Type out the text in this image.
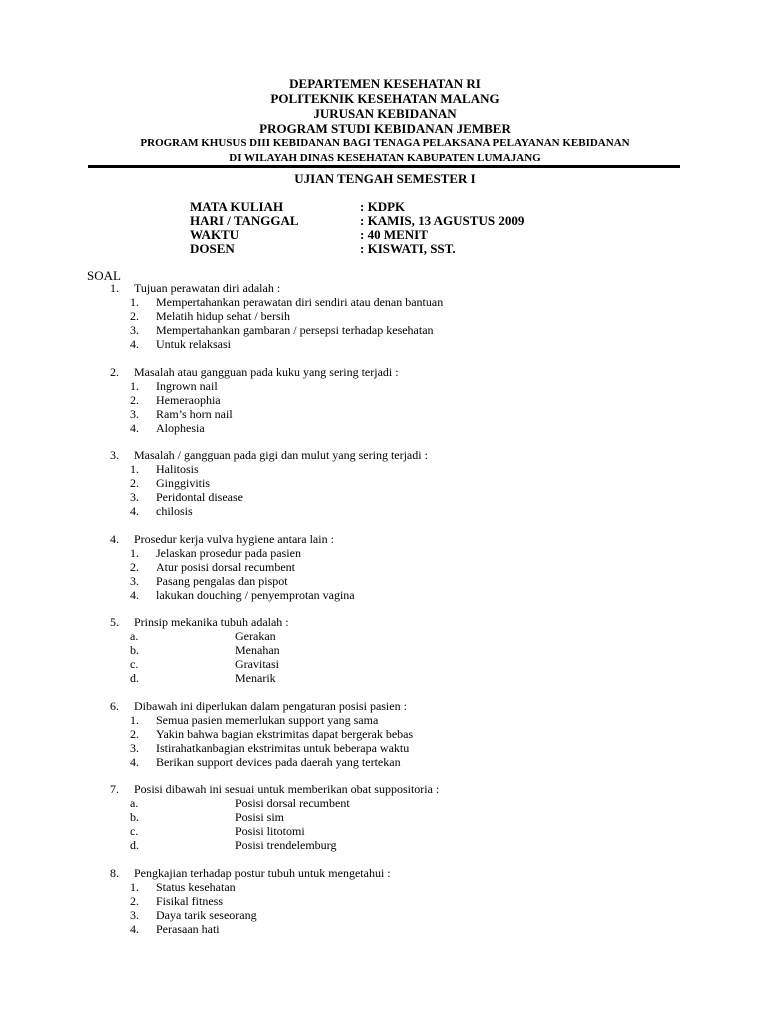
DEPARTEMEN KESEHATAN RI
POLITEKNIK KESEHATAN MALANG
JURUSAN KEBIDANAN
PROGRAM STUDI KEBIDANAN JEMBER
PROGRAM KHUSUS DIII KEBIDANAN BAGI TENAGA PELAKSANA PELAYANAN KEBIDANAN
DI WILAYAH DINAS KESEHATAN KABUPATEN LUMAJANG
UJIAN TENGAH SEMESTER I
MATA KULIAH	: KDPK
HARI / TANGGAL	: KAMIS, 13 AGUSTUS 2009
WAKTU	: 40 MENIT
DOSEN	: KISWATI, SST.
SOAL
1.	Tujuan perawatan diri adalah :
1.	Mempertahankan perawatan diri sendiri atau denan bantuan
2.	Melatih hidup sehat / bersih
3.	Mempertahankan gambaran / persepsi terhadap kesehatan
4.	Untuk relaksasi
2.	Masalah atau gangguan pada kuku yang sering terjadi :
1.	Ingrown nail
2.	Hemeraophia
3.	Ram’s horn nail
4.	Alophesia
3.	Masalah / gangguan pada gigi dan mulut yang sering terjadi :
1.	Halitosis
2.	Ginggivitis
3.	Peridontal disease
4.	chilosis
4.	Prosedur kerja vulva hygiene antara lain :
1.	Jelaskan prosedur pada pasien
2.	Atur posisi dorsal recumbent
3.	Pasang pengalas dan pispot
4.	lakukan douching / penyemprotan vagina
5.	Prinsip mekanika tubuh adalah :
a.	Gerakan
b.	Menahan
c.	Gravitasi
d.	Menarik
6.	Dibawah ini diperlukan dalam pengaturan posisi pasien :
1.	Semua pasien memerlukan support yang sama
2.	Yakin bahwa bagian ekstrimitas dapat bergerak bebas
3.	Istirahatkanbagian ekstrimitas untuk beberapa waktu
4.	Berikan support devices pada daerah yang tertekan
7.	Posisi dibawah ini sesuai untuk memberikan obat suppositoria :
a.	Posisi dorsal recumbent
b.	Posisi sim
c.	Posisi litotomi
d.	Posisi trendelemburg
8.	Pengkajian terhadap postur tubuh untuk mengetahui :
1.	Status kesehatan
2.	Fisikal fitness
3.	Daya tarik seseorang
4.	Perasaan hati
